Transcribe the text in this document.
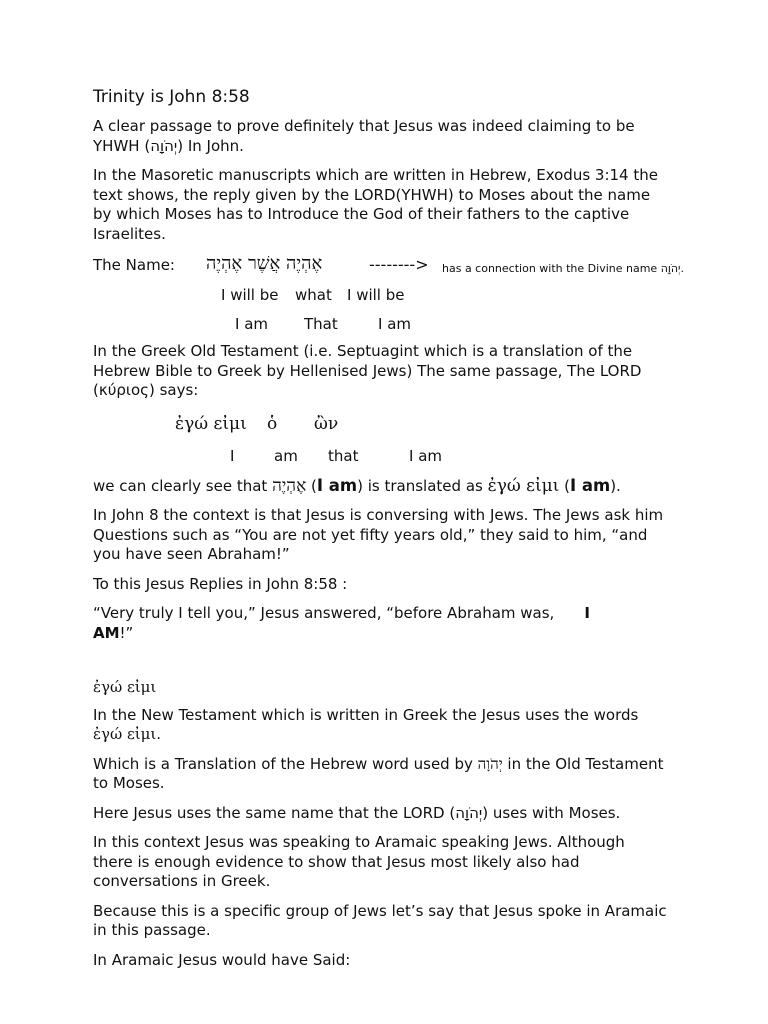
Trinity is John 8:58

A clear passage to prove definitely that Jesus was indeed claiming to be YHWH (יְהֹוָה) In John.

In the Masoretic manuscripts which are written in Hebrew, Exodus 3:14 the text shows, the reply given by the LORD(YHWH) to Moses about the name by which Moses has to Introduce the God of their fathers to the captive Israelites.

The Name: אֶהְיֶה אֲשֶׁר אֶהְיֶה	--------> has a connection with the Divine name יְהֹוָה.
I will be what I will be
I am That	I am

In the Greek Old Testament (i.e. Septuagint which is a translation of the Hebrew Bible to Greek by Hellenised Jews) The same passage, The LORD (κύριος) says:

ἐγώ εἰμι ὁ ὢν
I	am that	I am

we can clearly see that אֶהְיֶה (I am) is translated as ἐγώ εἰμι (I am).

In John 8 the context is that Jesus is conversing with Jews. The Jews ask him Questions such as “You are not yet fifty years old,” they said to him, “and you have seen Abraham!”

To this Jesus Replies in John 8:58 :

“Very truly I tell you,” Jesus answered, “before Abraham was, I
AM!”

ἐγώ εἰμι

In the New Testament which is written in Greek the Jesus uses the words
ἐγώ εἰμι.

Which is a Translation of the Hebrew word used by יְהֹוָה in the Old Testament to Moses.

Here Jesus uses the same name that the LORD (יְהֹוָה) uses with Moses.

In this context Jesus was speaking to Aramaic speaking Jews. Although there is enough evidence to show that Jesus most likely also had conversations in Greek.

Because this is a specific group of Jews let’s say that Jesus spoke in Aramaic in this passage.

In Aramaic Jesus would have Said:
